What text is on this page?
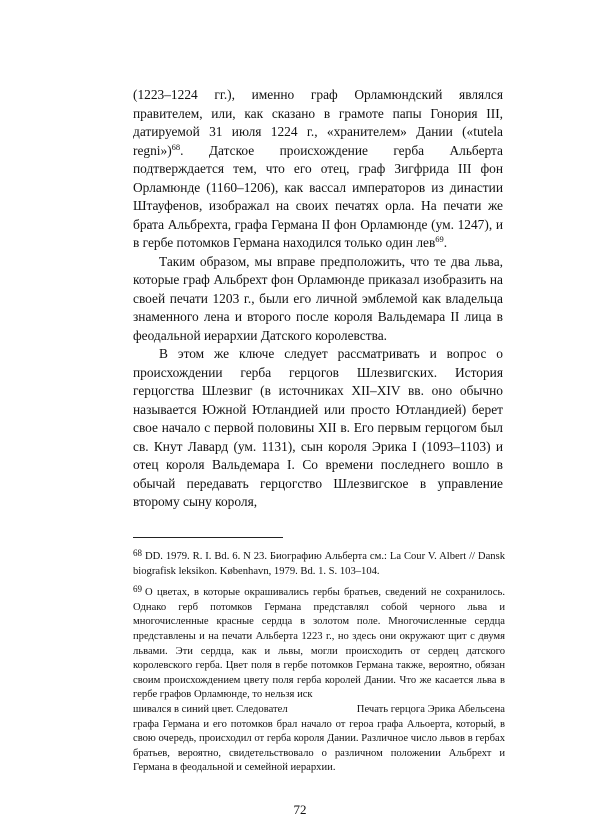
(1223–1224 гг.), именно граф Орламюндский являлся правителем, или, как сказано в грамоте папы Гонория III, датируемой 31 июля 1224 г., «хранителем» Дании («tutela regni»)$^{68}$. Датское происхождение герба Альберта подтверждается тем, что его отец, граф Зигфрида III фон Орламюнде (1160–1206), как вассал императоров из династии Штауфенов, изображал на своих печатях орла. На печати же брата Альбрехта, графа Германа II фон Орламюнде (ум. 1247), и в гербе потомков Германа находился только один лев$^{69}$.

Таким образом, мы вправе предположить, что те два льва, которые граф Альбрехт фон Орламюнде приказал изобразить на своей печати 1203 г., были его личной эмблемой как владельца знаменного лена и второго после короля Вальдемара II лица в феодальной иерархии Датского королевства.

В этом же ключе следует рассматривать и вопрос о происхождении герба герцогов Шлезвигских. История герцогства Шлезвиг (в источниках XII–XIV вв. оно обычно называется Южной Ютландией или просто Ютландией) берет свое начало с первой половины XII в. Его первым герцогом был св. Кнут Лавард (ум. 1131), сын короля Эрика I (1093–1103) и отец короля Вальдемара I. Со времени последнего вошло в обычай передавать герцогство Шлезвигское в управление второму сыну короля,

$^{68}$ DD. 1979. R. I. Bd. 6. N 23. Биографию Альберта см.: La Cour V. Albert // Dansk biografisk leksikon. København, 1979. Bd. 1. S. 103–104.

$^{69}$ О цветах, в которые окрашивались гербы братьев, сведений не сохранилось. Однако герб потомков Германа представлял собой черного льва и многочисленные красные сердца в золотом поле. Многочисленные сердца представлены и на печати Альберта 1223 г., но здесь они окружают щит с двумя львами. Эти сердца, как и львы, могли происходить от сердец датского королевского герба. Цвет поля в гербе потомков Германа также, вероятно, обязан своим происхождением цвету поля герба королей Дании. Что же касается льва в гербе графов Орламюнде, то нельзя иск

шивался в синий цвет. Следовател	Печать герцога Эрика Абельсена

графа Германа и его потомков брал начало от героа графа Альоерта, который, в свою очередь, происходил от герба короля Дании. Различное число львов в гербах братьев, вероятно, свидетельствовало о различном положении Альбрехт и Германа в феодальной и семейной иерархии.

72
